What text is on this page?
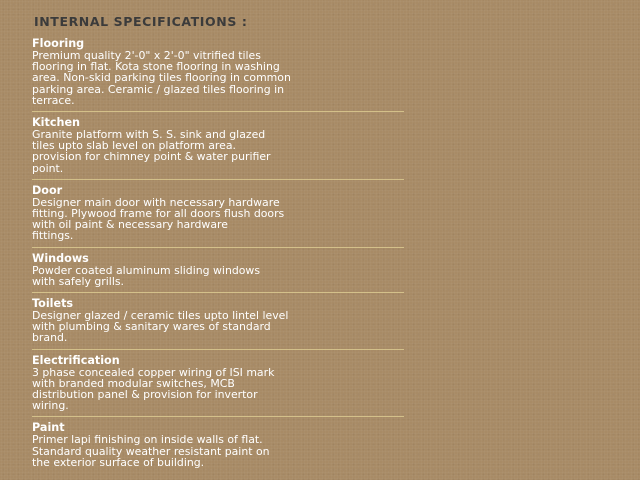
INTERNAL SPECIFICATIONS :

Flooring

Premium quality 2'-0" x 2'-0" vitrified tiles

flooring in flat. Kota stone flooring in washing

area. Non-skid parking tiles flooring in common

parking area. Ceramic / glazed tiles flooring in

terrace.

Kitchen

Granite platform with S. S. sink and glazed

tiles upto slab level on platform area.

provision for chimney point & water purifier

point.

Door

Designer main door with necessary hardware

fitting. Plywood frame for all doors flush doors

with oil paint & necessary hardware

fittings.

Windows

Powder coated aluminum sliding windows

with safely grills.

Toilets

Designer glazed / ceramic tiles upto lintel level

with plumbing & sanitary wares of standard

brand.

Electrification

3 phase concealed copper wiring of ISI mark

with branded modular switches, MCB

distribution panel & provision for invertor

wiring.

Paint

Primer lapi finishing on inside walls of flat.

Standard quality weather resistant paint on

the exterior surface of building.
